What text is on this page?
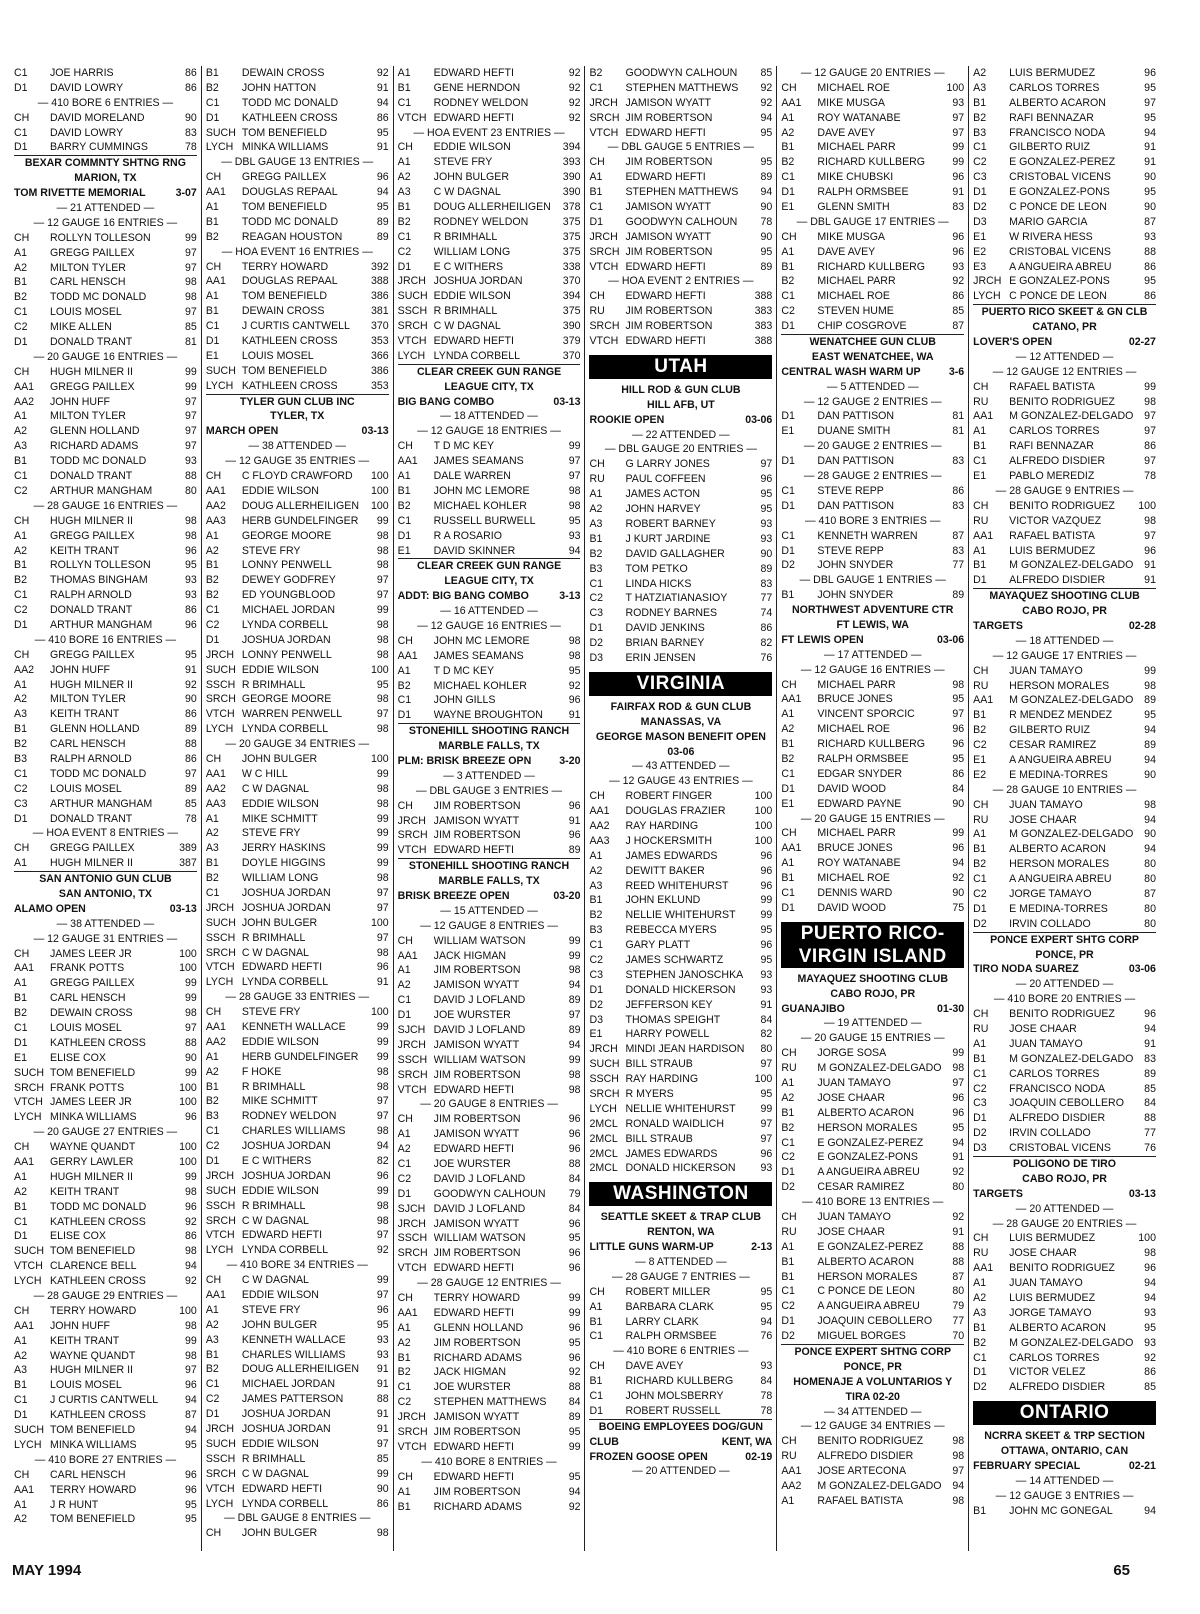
C1	JOE HARRIS	86
D1	DAVID LOWRY	86
— 410 BORE 6 ENTRIES —
CH	DAVID MORELAND	90
C1	DAVID LOWRY	83
D1	BARRY CUMMINGS	78
BEXAR COMMNTY SHTNG RNG
MARION, TX
TOM RIVETTE MEMORIAL	3-07
— 21 ATTENDED —
— 12 GAUGE 16 ENTRIES —
CH	ROLLYN TOLLESON	99
A1	GREGG PAILLEX	97
A2	MILTON TYLER	97
B1	CARL HENSCH	98
B2	TODD MC DONALD	98
C1	LOUIS MOSEL	97
C2	MIKE ALLEN	85
D1	DONALD TRANT	81
— 20 GAUGE 16 ENTRIES —
CH	HUGH MILNER II	99
AA1	GREGG PAILLEX	99
AA2	JOHN HUFF	97
A1	MILTON TYLER	97
A2	GLENN HOLLAND	97
A3	RICHARD ADAMS	97
B1	TODD MC DONALD	93
C1	DONALD TRANT	88
C2	ARTHUR MANGHAM	80
— 28 GAUGE 16 ENTRIES —
CH	HUGH MILNER II	98
A1	GREGG PAILLEX	98
A2	KEITH TRANT	96
B1	ROLLYN TOLLESON	95
B2	THOMAS BINGHAM	93
C1	RALPH ARNOLD	93
C2	DONALD TRANT	86
D1	ARTHUR MANGHAM	96
— 410 BORE 16 ENTRIES —
CH	GREGG PAILLEX	95
AA2	JOHN HUFF	91
A1	HUGH MILNER II	92
A2	MILTON TYLER	90
A3	KEITH TRANT	86
B1	GLENN HOLLAND	89
B2	CARL HENSCH	88
B3	RALPH ARNOLD	86
C1	TODD MC DONALD	97
C2	LOUIS MOSEL	89
C3	ARTHUR MANGHAM	85
D1	DONALD TRANT	78
— HOA EVENT 8 ENTRIES —
CH	GREGG PAILLEX	389
A1	HUGH MILNER II	387
SAN ANTONIO GUN CLUB
SAN ANTONIO, TX
ALAMO OPEN	03-13
— 38 ATTENDED —
— 12 GAUGE 31 ENTRIES —
CH	JAMES LEER JR	100
AA1	FRANK POTTS	100
A1	GREGG PAILLEX	99
B1	CARL HENSCH	99
B2	DEWAIN CROSS	98
C1	LOUIS MOSEL	97
D1	KATHLEEN CROSS	88
E1	ELISE COX	90
SUCH TOM BENEFIELD	99
SRCH FRANK POTTS	100
VTCH JAMES LEER JR	100
LYCH MINKA WILLIAMS	96
— 20 GAUGE 27 ENTRIES —
CH	WAYNE QUANDT	100
AA1	GERRY LAWLER	100
A1	HUGH MILNER II	99
A2	KEITH TRANT	98
B1	TODD MC DONALD	96
C1	KATHLEEN CROSS	92
D1	ELISE COX	86
SUCH TOM BENEFIELD	98
VTCH CLARENCE BELL	94
LYCH KATHLEEN CROSS	92
— 28 GAUGE 29 ENTRIES —
CH	TERRY HOWARD	100
AA1	JOHN HUFF	98
A1	KEITH TRANT	99
A2	WAYNE QUANDT	98
A3	HUGH MILNER II	97
B1	LOUIS MOSEL	96
C1	J CURTIS CANTWELL	94
D1	KATHLEEN CROSS	87
SUCH TOM BENEFIELD	94
LYCH MINKA WILLIAMS	95
— 410 BORE 27 ENTRIES —
CH	CARL HENSCH	96
AA1	TERRY HOWARD	96
A1	J R HUNT	95
A2	TOM BENEFIELD	95
B1	DEWAIN CROSS	92
B2	JOHN HATTON	91
C1	TODD MC DONALD	94
D1	KATHLEEN CROSS	86
SUCH TOM BENEFIELD	95
LYCH MINKA WILLIAMS	91
— DBL GAUGE 13 ENTRIES —
CH	GREGG PAILLEX	96
AA1	DOUGLAS REPAAL	94
A1	TOM BENEFIELD	95
B1	TODD MC DONALD	89
B2	REAGAN HOUSTON	89
— HOA EVENT 16 ENTRIES —
CH	TERRY HOWARD	392
AA1	DOUGLAS REPAAL	388
A1	TOM BENEFIELD	386
B1	DEWAIN CROSS	381
C1	J CURTIS CANTWELL	370
D1	KATHLEEN CROSS	353
E1	LOUIS MOSEL	366
SUCH TOM BENEFIELD	386
LYCH KATHLEEN CROSS	353
TYLER GUN CLUB INC
TYLER, TX
MARCH OPEN	03-13
— 38 ATTENDED —
— 12 GAUGE 35 ENTRIES —
CH	C FLOYD CRAWFORD	100
AA1	EDDIE WILSON	100
AA2	DOUG ALLERHEILIGEN	100
AA3	HERB GUNDELFINGER	99
A1	GEORGE MOORE	98
A2	STEVE FRY	98
B1	LONNY PENWELL	98
B2	DEWEY GODFREY	97
B2	ED YOUNGBLOOD	97
C1	MICHAEL JORDAN	99
C2	LYNDA CORBELL	98
D1	JOSHUA JORDAN	98
JRCH LONNY PENWELL	98
SUCH EDDIE WILSON	100
SSCH R BRIMHALL	95
SRCH GEORGE MOORE	98
VTCH WARREN PENWELL	97
LYCH LYNDA CORBELL	98
— 20 GAUGE 34 ENTRIES —
CH	JOHN BULGER	100
AA1	W C HILL	99
AA2	C W DAGNAL	98
AA3	EDDIE WILSON	98
A1	MIKE SCHMITT	99
A2	STEVE FRY	99
A3	JERRY HASKINS	99
B1	DOYLE HIGGINS	99
B2	WILLIAM LONG	98
C1	JOSHUA JORDAN	97
JRCH JOSHUA JORDAN	97
SUCH JOHN BULGER	100
SSCH R BRIMHALL	97
SRCH C W DAGNAL	98
VTCH EDWARD HEFTI	96
LYCH LYNDA CORBELL	91
— 28 GAUGE 33 ENTRIES —
CH	STEVE FRY	100
AA1	KENNETH WALLACE	99
AA2	EDDIE WILSON	99
A1	HERB GUNDELFINGER	99
A2	F HOKE	98
B1	R BRIMHALL	98
B2	MIKE SCHMITT	97
B3	RODNEY WELDON	97
C1	CHARLES WILLIAMS	98
C2	JOSHUA JORDAN	94
D1	E C WITHERS	82
JRCH JOSHUA JORDAN	96
SUCH EDDIE WILSON	99
SSCH R BRIMHALL	98
SRCH C W DAGNAL	98
VTCH EDWARD HEFTI	97
LYCH LYNDA CORBELL	92
— 410 BORE 34 ENTRIES —
CH	C W DAGNAL	99
AA1	EDDIE WILSON	97
A1	STEVE FRY	96
A2	JOHN BULGER	95
A3	KENNETH WALLACE	93
B1	CHARLES WILLIAMS	93
B2	DOUG ALLERHEILIGEN	91
C1	MICHAEL JORDAN	91
C2	JAMES PATTERSON	88
D1	JOSHUA JORDAN	91
JRCH JOSHUA JORDAN	91
SUCH EDDIE WILSON	97
SSCH R BRIMHALL	85
SRCH C W DAGNAL	99
VTCH EDWARD HEFTI	90
LYCH LYNDA CORBELL	86
— DBL GAUGE 8 ENTRIES —
CH	JOHN BULGER	98
A1	EDWARD HEFTI	92
B1	GENE HERNDON	92
C1	RODNEY WELDON	92
VTCH EDWARD HEFTI	92
— HOA EVENT 23 ENTRIES —
CH	EDDIE WILSON	394
A1	STEVE FRY	393
A2	JOHN BULGER	390
A3	C W DAGNAL	390
B1	DOUG ALLERHEILIGEN	378
B2	RODNEY WELDON	375
C1	R BRIMHALL	375
C2	WILLIAM LONG	375
D1	E C WITHERS	338
JRCH JOSHUA JORDAN	370
SUCH EDDIE WILSON	394
SSCH R BRIMHALL	375
SRCH C W DAGNAL	390
VTCH EDWARD HEFTI	379
LYCH LYNDA CORBELL	370
CLEAR CREEK GUN RANGE
LEAGUE CITY, TX
BIG BANG COMBO	03-13
— 18 ATTENDED —
— 12 GAUGE 18 ENTRIES —
CH	T D MC KEY	99
AA1	JAMES SEAMANS	97
A1	DALE WARREN	97
B1	JOHN MC LEMORE	98
B2	MICHAEL KOHLER	98
C1	RUSSELL BURWELL	95
D1	R A ROSARIO	93
E1	DAVID SKINNER	94
CLEAR CREEK GUN RANGE
LEAGUE CITY, TX
ADDT: BIG BANG COMBO	3-13
— 16 ATTENDED —
— 12 GAUGE 16 ENTRIES —
CH	JOHN MC LEMORE	98
AA1	JAMES SEAMANS	98
A1	T D MC KEY	95
B2	MICHAEL KOHLER	92
C1	JOHN GILLS	96
D1	WAYNE BROUGHTON	91
STONEHILL SHOOTING RANCH
MARBLE FALLS, TX
PLM: BRISK BREEZE OPN	3-20
— 3 ATTENDED —
— DBL GAUGE 3 ENTRIES —
CH	JIM ROBERTSON	96
JRCH JAMISON WYATT	91
SRCH JIM ROBERTSON	96
VTCH EDWARD HEFTI	89
STONEHILL SHOOTING RANCH
MARBLE FALLS, TX
BRISK BREEZE OPEN	03-20
— 15 ATTENDED —
— 12 GAUGE 8 ENTRIES —
CH	WILLIAM WATSON	99
AA1	JACK HIGMAN	99
A1	JIM ROBERTSON	98
A2	JAMISON WYATT	94
C1	DAVID J LOFLAND	89
D1	JOE WURSTER	97
SJCH DAVID J LOFLAND	89
JRCH JAMISON WYATT	94
SSCH WILLIAM WATSON	99
SRCH JIM ROBERTSON	98
VTCH EDWARD HEFTI	98
— 20 GAUGE 8 ENTRIES —
CH	JIM ROBERTSON	96
A1	JAMISON WYATT	96
A2	EDWARD HEFTI	96
C1	JOE WURSTER	88
C2	DAVID J LOFLAND	84
D1	GOODWYN CALHOUN	79
SJCH DAVID J LOFLAND	84
JRCH JAMISON WYATT	96
SSCH WILLIAM WATSON	95
SRCH JIM ROBERTSON	96
VTCH EDWARD HEFTI	96
— 28 GAUGE 12 ENTRIES —
CH	TERRY HOWARD	99
AA1	EDWARD HEFTI	99
A1	GLENN HOLLAND	96
A2	JIM ROBERTSON	95
B1	RICHARD ADAMS	96
B2	JACK HIGMAN	92
C1	JOE WURSTER	88
C2	STEPHEN MATTHEWS	84
JRCH JAMISON WYATT	89
SRCH JIM ROBERTSON	95
VTCH EDWARD HEFTI	99
— 410 BORE 8 ENTRIES —
CH	EDWARD HEFTI	95
A1	JIM ROBERTSON	94
B1	RICHARD ADAMS	92
B2	GOODWYN CALHOUN	85
C1	STEPHEN MATTHEWS	92
JRCH JAMISON WYATT	92
SRCH JIM ROBERTSON	94
VTCH EDWARD HEFTI	95
— DBL GAUGE 5 ENTRIES —
CH	JIM ROBERTSON	95
A1	EDWARD HEFTI	89
B1	STEPHEN MATTHEWS	94
C1	JAMISON WYATT	90
D1	GOODWYN CALHOUN	78
JRCH JAMISON WYATT	90
SRCH JIM ROBERTSON	95
VTCH EDWARD HEFTI	89
— HOA EVENT 2 ENTRIES —
CH	EDWARD HEFTI	388
RU	JIM ROBERTSON	383
SRCH JIM ROBERTSON	383
VTCH EDWARD HEFTI	388
UTAH
HILL ROD & GUN CLUB
HILL AFB, UT
ROOKIE OPEN	03-06
— 22 ATTENDED —
— DBL GAUGE 20 ENTRIES —
CH	G LARRY JONES	97
RU	PAUL COFFEEN	96
A1	JAMES ACTON	95
A2	JOHN HARVEY	95
A3	ROBERT BARNEY	93
B1	J KURT JARDINE	93
B2	DAVID GALLAGHER	90
B3	TOM PETKO	89
C1	LINDA HICKS	83
C2	T HATZIATIANASIOY	77
C3	RODNEY BARNES	74
D1	DAVID JENKINS	86
D2	BRIAN BARNEY	82
D3	ERIN JENSEN	76
VIRGINIA
FAIRFAX ROD & GUN CLUB
MANASSAS, VA
GEORGE MASON BENEFIT OPEN
03-06
— 43 ATTENDED —
— 12 GAUGE 43 ENTRIES —
CH	ROBERT FINGER	100
AA1	DOUGLAS FRAZIER	100
AA2	RAY HARDING	100
AA3	J HOCKERSMITH	100
A1	JAMES EDWARDS	96
A2	DEWITT BAKER	96
A3	REED WHITEHURST	96
B1	JOHN EKLUND	99
B2	NELLIE WHITEHURST	99
B3	REBECCA MYERS	95
C1	GARY PLATT	96
C2	JAMES SCHWARTZ	95
C3	STEPHEN JANOSCHKA	93
D1	DONALD HICKERSON	93
D2	JEFFERSON KEY	91
D3	THOMAS SPEIGHT	84
E1	HARRY POWELL	82
JRCH MINDI JEAN HARDISON	80
SUCH BILL STRAUB	97
SSCH RAY HARDING	100
SRCH R MYERS	95
LYCH NELLIE WHITEHURST	99
2MCL RONALD WAIDLICH	97
2MCL BILL STRAUB	97
2MCL JAMES EDWARDS	96
2MCL DONALD HICKERSON	93
WASHINGTON
SEATTLE SKEET & TRAP CLUB
RENTON, WA
LITTLE GUNS WARM-UP	2-13
— 8 ATTENDED —
— 28 GAUGE 7 ENTRIES —
CH	ROBERT MILLER	95
A1	BARBARA CLARK	95
B1	LARRY CLARK	94
C1	RALPH ORMSBEE	76
— 410 BORE 6 ENTRIES —
CH	DAVE AVEY	93
B1	RICHARD KULLBERG	84
C1	JOHN MOLSBERRY	78
D1	ROBERT RUSSELL	78
BOEING EMPLOYEES DOG/GUN
CLUB	KENT, WA
FROZEN GOOSE OPEN	02-19
— 20 ATTENDED —
— 12 GAUGE 20 ENTRIES —
CH	MICHAEL ROE	100
AA1	MIKE MUSGA	93
A1	ROY WATANABE	97
A2	DAVE AVEY	97
B1	MICHAEL PARR	99
B2	RICHARD KULLBERG	99
C1	MIKE CHUBSKI	96
D1	RALPH ORMSBEE	91
E1	GLENN SMITH	83
— DBL GAUGE 17 ENTRIES —
CH	MIKE MUSGA	96
A1	DAVE AVEY	96
B1	RICHARD KULLBERG	93
B2	MICHAEL PARR	92
C1	MICHAEL ROE	86
C2	STEVEN HUME	85
D1	CHIP COSGROVE	87
WENATCHEE GUN CLUB
EAST WENATCHEE, WA
CENTRAL WASH WARM UP	3-6
— 5 ATTENDED —
— 12 GAUGE 2 ENTRIES —
D1	DAN PATTISON	81
E1	DUANE SMITH	81
— 20 GAUGE 2 ENTRIES —
D1	DAN PATTISON	83
— 28 GAUGE 2 ENTRIES —
C1	STEVE REPP	86
D1	DAN PATTISON	83
— 410 BORE 3 ENTRIES —
C1	KENNETH WARREN	87
D1	STEVE REPP	83
D2	JOHN SNYDER	77
— DBL GAUGE 1 ENTRIES —
B1	JOHN SNYDER	89
NORTHWEST ADVENTURE CTR
FT LEWIS, WA
FT LEWIS OPEN	03-06
— 17 ATTENDED —
— 12 GAUGE 16 ENTRIES —
CH	MICHAEL PARR	98
AA1	BRUCE JONES	95
A1	VINCENT SPORCIC	97
A2	MICHAEL ROE	96
B1	RICHARD KULLBERG	96
B2	RALPH ORMSBEE	95
C1	EDGAR SNYDER	86
D1	DAVID WOOD	84
E1	EDWARD PAYNE	90
— 20 GAUGE 15 ENTRIES —
CH	MICHAEL PARR	99
AA1	BRUCE JONES	96
A1	ROY WATANABE	94
B1	MICHAEL ROE	92
C1	DENNIS WARD	90
D1	DAVID WOOD	75
PUERTO RICO-
VIRGIN ISLAND
MAYAQUEZ SHOOTING CLUB
CABO ROJO, PR
GUANAJIBO	01-30
— 19 ATTENDED —
— 20 GAUGE 15 ENTRIES —
CH	JORGE SOSA	99
RU	M GONZALEZ-DELGADO	98
A1	JUAN TAMAYO	97
A2	JOSE CHAAR	96
B1	ALBERTO ACARON	96
B2	HERSON MORALES	95
C1	E GONZALEZ-PEREZ	94
C2	E GONZALEZ-PONS	91
D1	A ANGUEIRA ABREU	92
D2	CESAR RAMIREZ	80
— 410 BORE 13 ENTRIES —
CH	JUAN TAMAYO	92
RU	JOSE CHAAR	91
A1	E GONZALEZ-PEREZ	88
B1	ALBERTO ACARON	88
B1	HERSON MORALES	87
C1	C PONCE DE LEON	80
C2	A ANGUEIRA ABREU	79
D1	JOAQUIN CEBOLLERO	77
D2	MIGUEL BORGES	70
PONCE EXPERT SHTNG CORP
PONCE, PR
HOMENAJE A VOLUNTARIOS Y
TIRA 02-20
— 34 ATTENDED —
— 12 GAUGE 34 ENTRIES —
CH	BENITO RODRIGUEZ	98
RU	ALFREDO DISDIER	98
AA1	JOSE ARTECONA	97
AA2	M GONZALEZ-DELGADO	94
A1	RAFAEL BATISTA	98
A2	LUIS BERMUDEZ	96
A3	CARLOS TORRES	95
B1	ALBERTO ACARON	97
B2	RAFI BENNAZAR	95
B3	FRANCISCO NODA	94
C1	GILBERTO RUIZ	91
C2	E GONZALEZ-PEREZ	91
C3	CRISTOBAL VICENS	90
D1	E GONZALEZ-PONS	95
D2	C PONCE DE LEON	90
D3	MARIO GARCIA	87
E1	W RIVERA HESS	93
E2	CRISTOBAL VICENS	88
E3	A ANGUEIRA ABREU	86
JRCH E GONZALEZ-PONS	95
LYCH C PONCE DE LEON	86
PUERTO RICO SKEET & GN CLB
CATANO, PR
LOVER'S OPEN	02-27
— 12 ATTENDED —
— 12 GAUGE 12 ENTRIES —
CH	RAFAEL BATISTA	99
RU	BENITO RODRIGUEZ	98
AA1	M GONZALEZ-DELGADO	97
A1	CARLOS TORRES	97
B1	RAFI BENNAZAR	86
C1	ALFREDO DISDIER	97
E1	PABLO MEREDIZ	78
— 28 GAUGE 9 ENTRIES —
CH	BENITO RODRIGUEZ	100
RU	VICTOR VAZQUEZ	98
AA1	RAFAEL BATISTA	97
A1	LUIS BERMUDEZ	96
B1	M GONZALEZ-DELGADO	91
D1	ALFREDO DISDIER	91
MAYAQUEZ SHOOTING CLUB
CABO ROJO, PR
TARGETS	02-28
— 18 ATTENDED —
— 12 GAUGE 17 ENTRIES —
CH	JUAN TAMAYO	99
RU	HERSON MORALES	98
AA1	M GONZALEZ-DELGADO	89
B1	R MENDEZ MENDEZ	95
B2	GILBERTO RUIZ	94
C2	CESAR RAMIREZ	89
E1	A ANGUEIRA ABREU	94
E2	E MEDINA-TORRES	90
— 28 GAUGE 10 ENTRIES —
CH	JUAN TAMAYO	98
RU	JOSE CHAAR	94
A1	M GONZALEZ-DELGADO	90
B1	ALBERTO ACARON	94
B2	HERSON MORALES	80
C1	A ANGUEIRA ABREU	80
C2	JORGE TAMAYO	87
D1	E MEDINA-TORRES	80
D2	IRVIN COLLADO	80
PONCE EXPERT SHTG CORP
PONCE, PR
TIRO NODA SUAREZ	03-06
— 20 ATTENDED —
— 410 BORE 20 ENTRIES —
CH	BENITO RODRIGUEZ	96
RU	JOSE CHAAR	94
A1	JUAN TAMAYO	91
B1	M GONZALEZ-DELGADO	83
C1	CARLOS TORRES	89
C2	FRANCISCO NODA	85
C3	JOAQUIN CEBOLLERO	84
D1	ALFREDO DISDIER	88
D2	IRVIN COLLADO	77
D3	CRISTOBAL VICENS	76
POLIGONO DE TIRO
CABO ROJO, PR
TARGETS	03-13
— 20 ATTENDED —
— 28 GAUGE 20 ENTRIES —
CH	LUIS BERMUDEZ	100
RU	JOSE CHAAR	98
AA1	BENITO RODRIGUEZ	96
A1	JUAN TAMAYO	94
A2	LUIS BERMUDEZ	94
A3	JORGE TAMAYO	93
B1	ALBERTO ACARON	95
B2	M GONZALEZ-DELGADO	93
C1	CARLOS TORRES	92
D1	VICTOR VELEZ	86
D2	ALFREDO DISDIER	85
ONTARIO
NCRRA SKEET & TRP SECTION
OTTAWA, ONTARIO, CAN
FEBRUARY SPECIAL	02-21
— 14 ATTENDED —
— 12 GAUGE 3 ENTRIES —
B1	JOHN MC GONEGAL	94
MAY 1994	65
